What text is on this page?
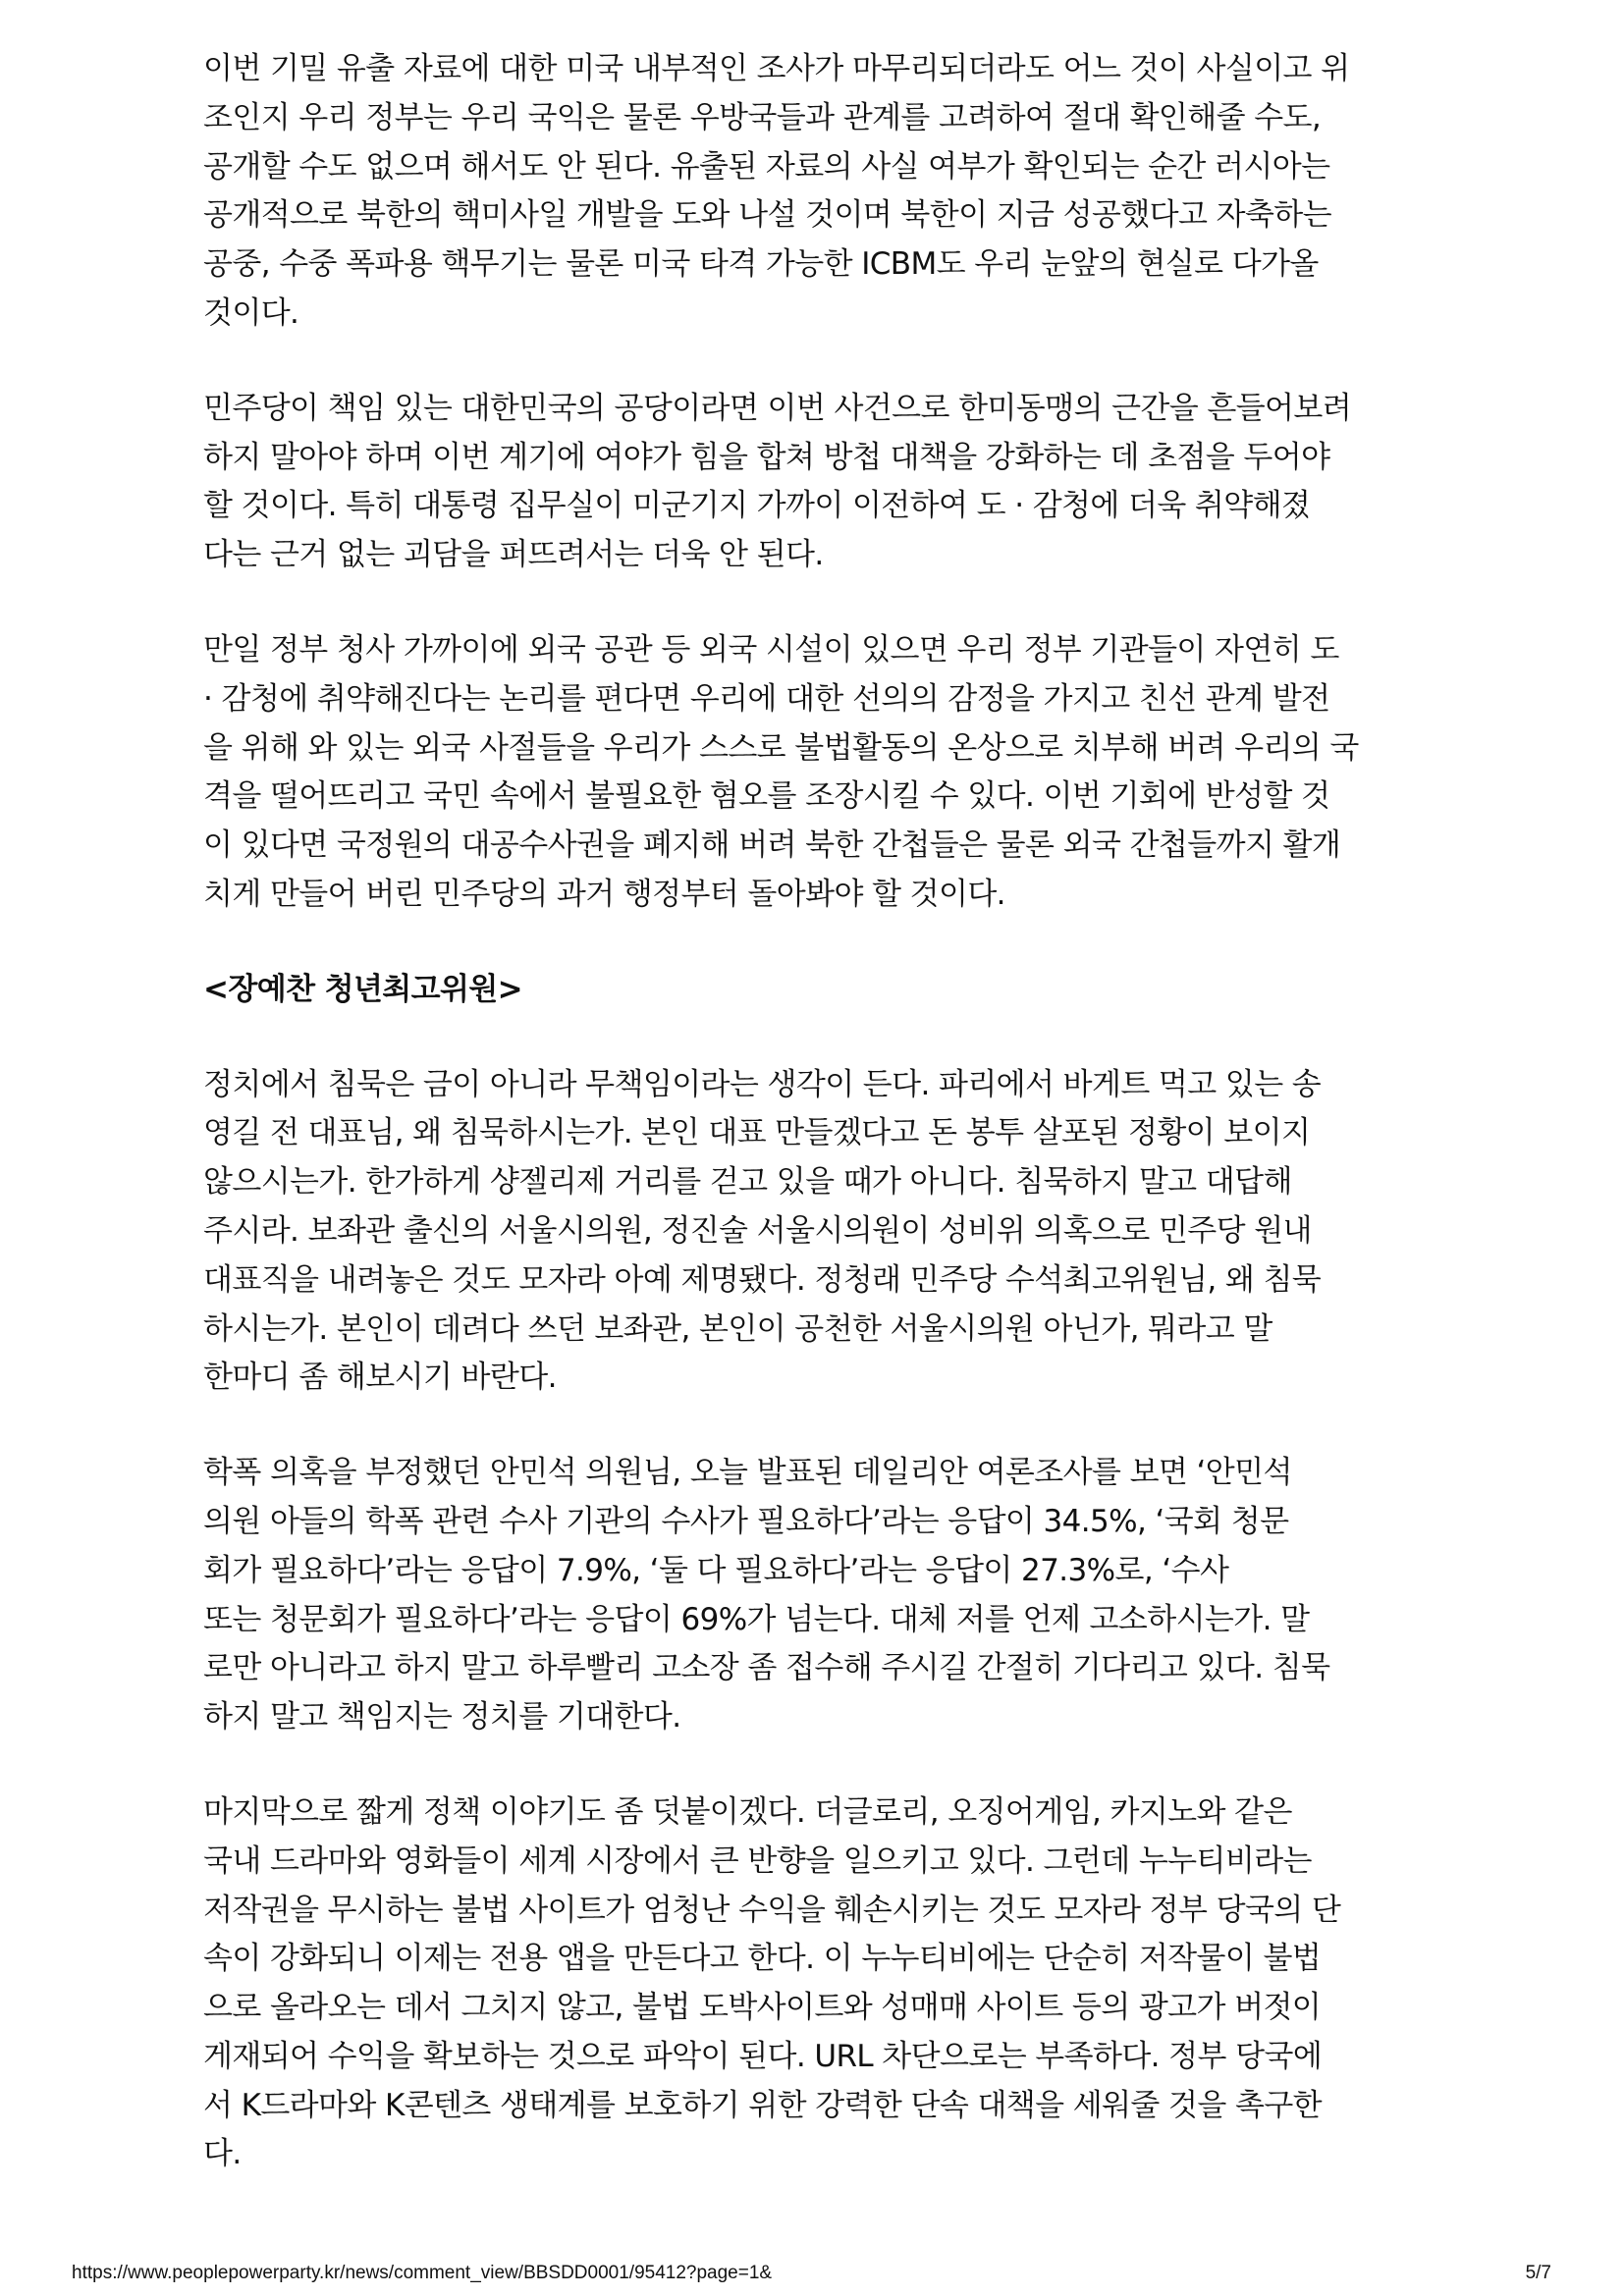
이번 기밀 유출 자료에 대한 미국 내부적인 조사가 마무리되더라도 어느 것이 사실이고 위
조인지 우리 정부는 우리 국익은 물론 우방국들과 관계를 고려하여 절대 확인해줄 수도,
공개할 수도 없으며 해서도 안 된다. 유출된 자료의 사실 여부가 확인되는 순간 러시아는
공개적으로 북한의 핵미사일 개발을 도와 나설 것이며 북한이 지금 성공했다고 자축하는
공중, 수중 폭파용 핵무기는 물론 미국 타격 가능한 ICBM도 우리 눈앞의 현실로 다가올
것이다.

민주당이 책임 있는 대한민국의 공당이라면 이번 사건으로 한미동맹의 근간을 흔들어보려
하지 말아야 하며 이번 계기에 여야가 힘을 합쳐 방첩 대책을 강화하는 데 초점을 두어야
할 것이다. 특히 대통령 집무실이 미군기지 가까이 이전하여 도 · 감청에 더욱 취약해졌
다는 근거 없는 괴담을 퍼뜨려서는 더욱 안 된다.

만일 정부 청사 가까이에 외국 공관 등 외국 시설이 있으면 우리 정부 기관들이 자연히 도
· 감청에 취약해진다는 논리를 편다면 우리에 대한 선의의 감정을 가지고 친선 관계 발전
을 위해 와 있는 외국 사절들을 우리가 스스로 불법활동의 온상으로 치부해 버려 우리의 국
격을 떨어뜨리고 국민 속에서 불필요한 혐오를 조장시킬 수 있다. 이번 기회에 반성할 것
이 있다면 국정원의 대공수사권을 폐지해 버려 북한 간첩들은 물론 외국 간첩들까지 활개
치게 만들어 버린 민주당의 과거 행정부터 돌아봐야 할 것이다.

<장예찬 청년최고위원>

정치에서 침묵은 금이 아니라 무책임이라는 생각이 든다. 파리에서 바게트 먹고 있는 송
영길 전 대표님, 왜 침묵하시는가. 본인 대표 만들겠다고 돈 봉투 살포된 정황이 보이지
않으시는가. 한가하게 샹젤리제 거리를 걷고 있을 때가 아니다. 침묵하지 말고 대답해
주시라. 보좌관 출신의 서울시의원, 정진술 서울시의원이 성비위 의혹으로 민주당 원내
대표직을 내려놓은 것도 모자라 아예 제명됐다. 정청래 민주당 수석최고위원님, 왜 침묵
하시는가. 본인이 데려다 쓰던 보좌관, 본인이 공천한 서울시의원 아닌가, 뭐라고 말
한마디 좀 해보시기 바란다.

학폭 의혹을 부정했던 안민석 의원님, 오늘 발표된 데일리안 여론조사를 보면 ‘안민석
의원 아들의 학폭 관련 수사 기관의 수사가 필요하다’라는 응답이 34.5%, ‘국회 청문
회가 필요하다’라는 응답이 7.9%, ‘둘 다 필요하다’라는 응답이 27.3%로, ‘수사
또는 청문회가 필요하다’라는 응답이 69%가 넘는다. 대체 저를 언제 고소하시는가. 말
로만 아니라고 하지 말고 하루빨리 고소장 좀 접수해 주시길 간절히 기다리고 있다. 침묵
하지 말고 책임지는 정치를 기대한다.

마지막으로 짧게 정책 이야기도 좀 덧붙이겠다. 더글로리, 오징어게임, 카지노와 같은
국내 드라마와 영화들이 세계 시장에서 큰 반향을 일으키고 있다. 그런데 누누티비라는
저작권을 무시하는 불법 사이트가 엄청난 수익을 훼손시키는 것도 모자라 정부 당국의 단
속이 강화되니 이제는 전용 앱을 만든다고 한다. 이 누누티비에는 단순히 저작물이 불법
으로 올라오는 데서 그치지 않고, 불법 도박사이트와 성매매 사이트 등의 광고가 버젓이
게재되어 수익을 확보하는 것으로 파악이 된다. URL 차단으로는 부족하다. 정부 당국에
서 K드라마와 K콘텐츠 생태계를 보호하기 위한 강력한 단속 대책을 세워줄 것을 촉구한
다.

https://www.peoplepowerparty.kr/news/comment_view/BBSDD0001/95412?page=1&	5/7
